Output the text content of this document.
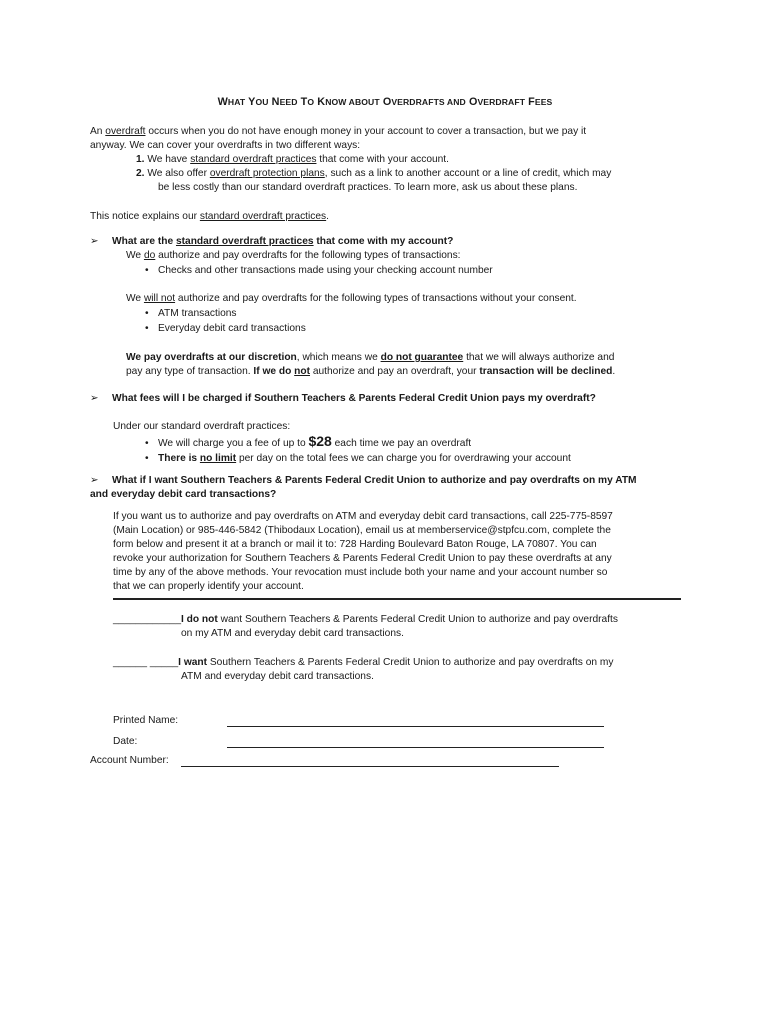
WHAT YOU NEED TO KNOW ABOUT OVERDRAFTS AND OVERDRAFT FEES

An overdraft occurs when you do not have enough money in your account to cover a transaction, but we pay it

anyway. We can cover your overdrafts in two different ways:

1. We have standard overdraft practices that come with your account.

2. We also offer overdraft protection plans, such as a link to another account or a line of credit, which may

be less costly than our standard overdraft practices. To learn more, ask us about these plans.

This notice explains our standard overdraft practices.

➢ What are the standard overdraft practices that come with my account?

We do authorize and pay overdrafts for the following types of transactions:

• Checks and other transactions made using your checking account number

We will not authorize and pay overdrafts for the following types of transactions without your consent.

• ATM transactions

• Everyday debit card transactions

We pay overdrafts at our discretion, which means we do not guarantee that we will always authorize and

pay any type of transaction. If we do not authorize and pay an overdraft, your transaction will be declined.

➢ What fees will I be charged if Southern Teachers & Parents Federal Credit Union pays my overdraft?

Under our standard overdraft practices:

• We will charge you a fee of up to $28 each time we pay an overdraft

• There is no limit per day on the total fees we can charge you for overdrawing your account

➢ What if I want Southern Teachers & Parents Federal Credit Union to authorize and pay overdrafts on my ATM

and everyday debit card transactions?

If you want us to authorize and pay overdrafts on ATM and everyday debit card transactions, call 225-775-8597

(Main Location) or 985-446-5842 (Thibodaux Location), email us at memberservice@stpfcu.com, complete the

form below and present it at a branch or mail it to: 728 Harding Boulevard Baton Rouge, LA 70807. You can

revoke your authorization for Southern Teachers & Parents Federal Credit Union to pay these overdrafts at any

time by any of the above methods. Your revocation must include both your name and your account number so

that we can properly identify your account.

____________I do not want Southern Teachers & Parents Federal Credit Union to authorize and pay overdrafts

on my ATM and everyday debit card transactions.

______ _____I want Southern Teachers & Parents Federal Credit Union to authorize and pay overdrafts on my

ATM and everyday debit card transactions.

Printed Name:

Date:

Account Number:
